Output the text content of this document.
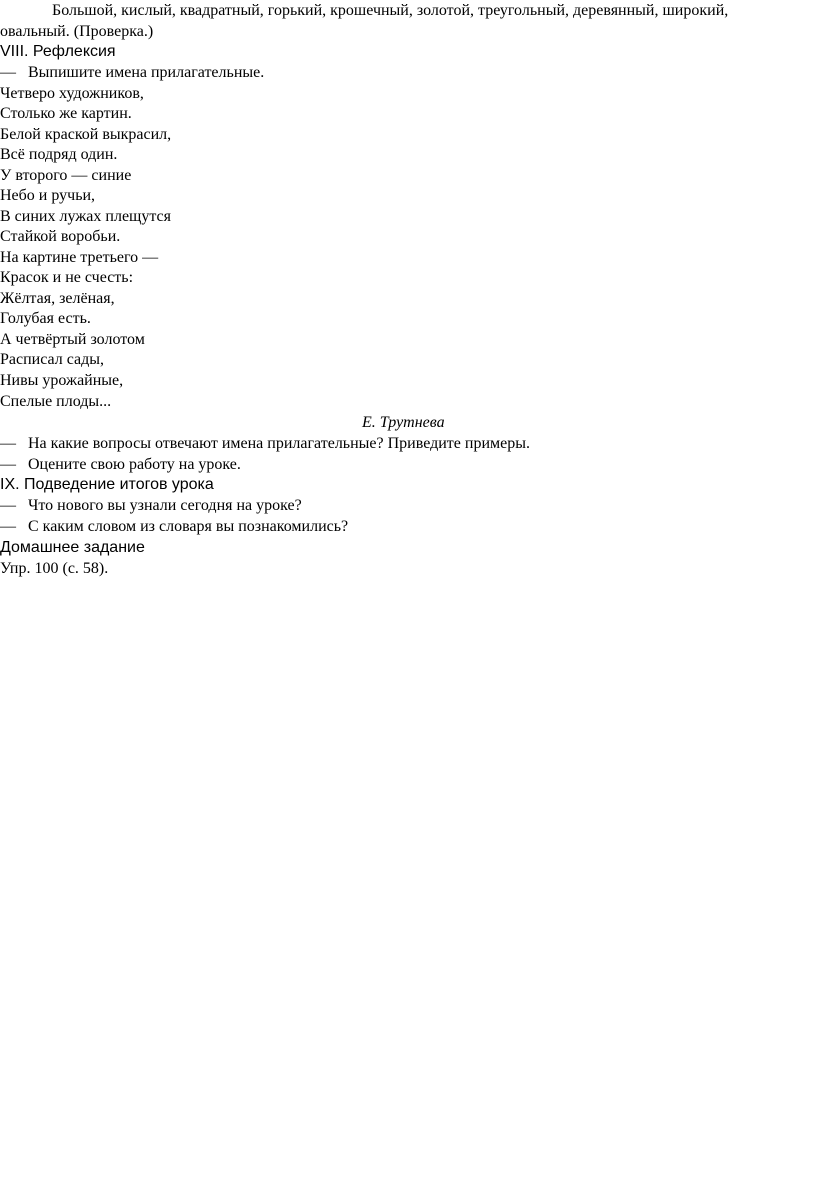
Большой, кислый, квадратный, горький, крошечный, золотой, треугольный, деревянный, широкий,
овальный. (Проверка.)
VIII. Рефлексия
— Выпишите имена прилагательные.
Четверо художников,
Столько же картин.
Белой краской выкрасил,
Всё подряд один.
У второго — синие
Небо и ручьи,
В синих лужах плещутся
Стайкой воробьи.
На картине третьего —
Красок и не счесть:
Жёлтая, зелёная,
Голубая есть.
А четвёртый золотом
Расписал сады,
Нивы урожайные,
Спелые плоды...
Е. Трутнева
— На какие вопросы отвечают имена прилагательные? Приведите примеры.
— Оцените свою работу на уроке.
IX. Подведение итогов урока
— Что нового вы узнали сегодня на уроке?
— С каким словом из словаря вы познакомились?
Домашнее задание
Упр. 100 (с. 58).
